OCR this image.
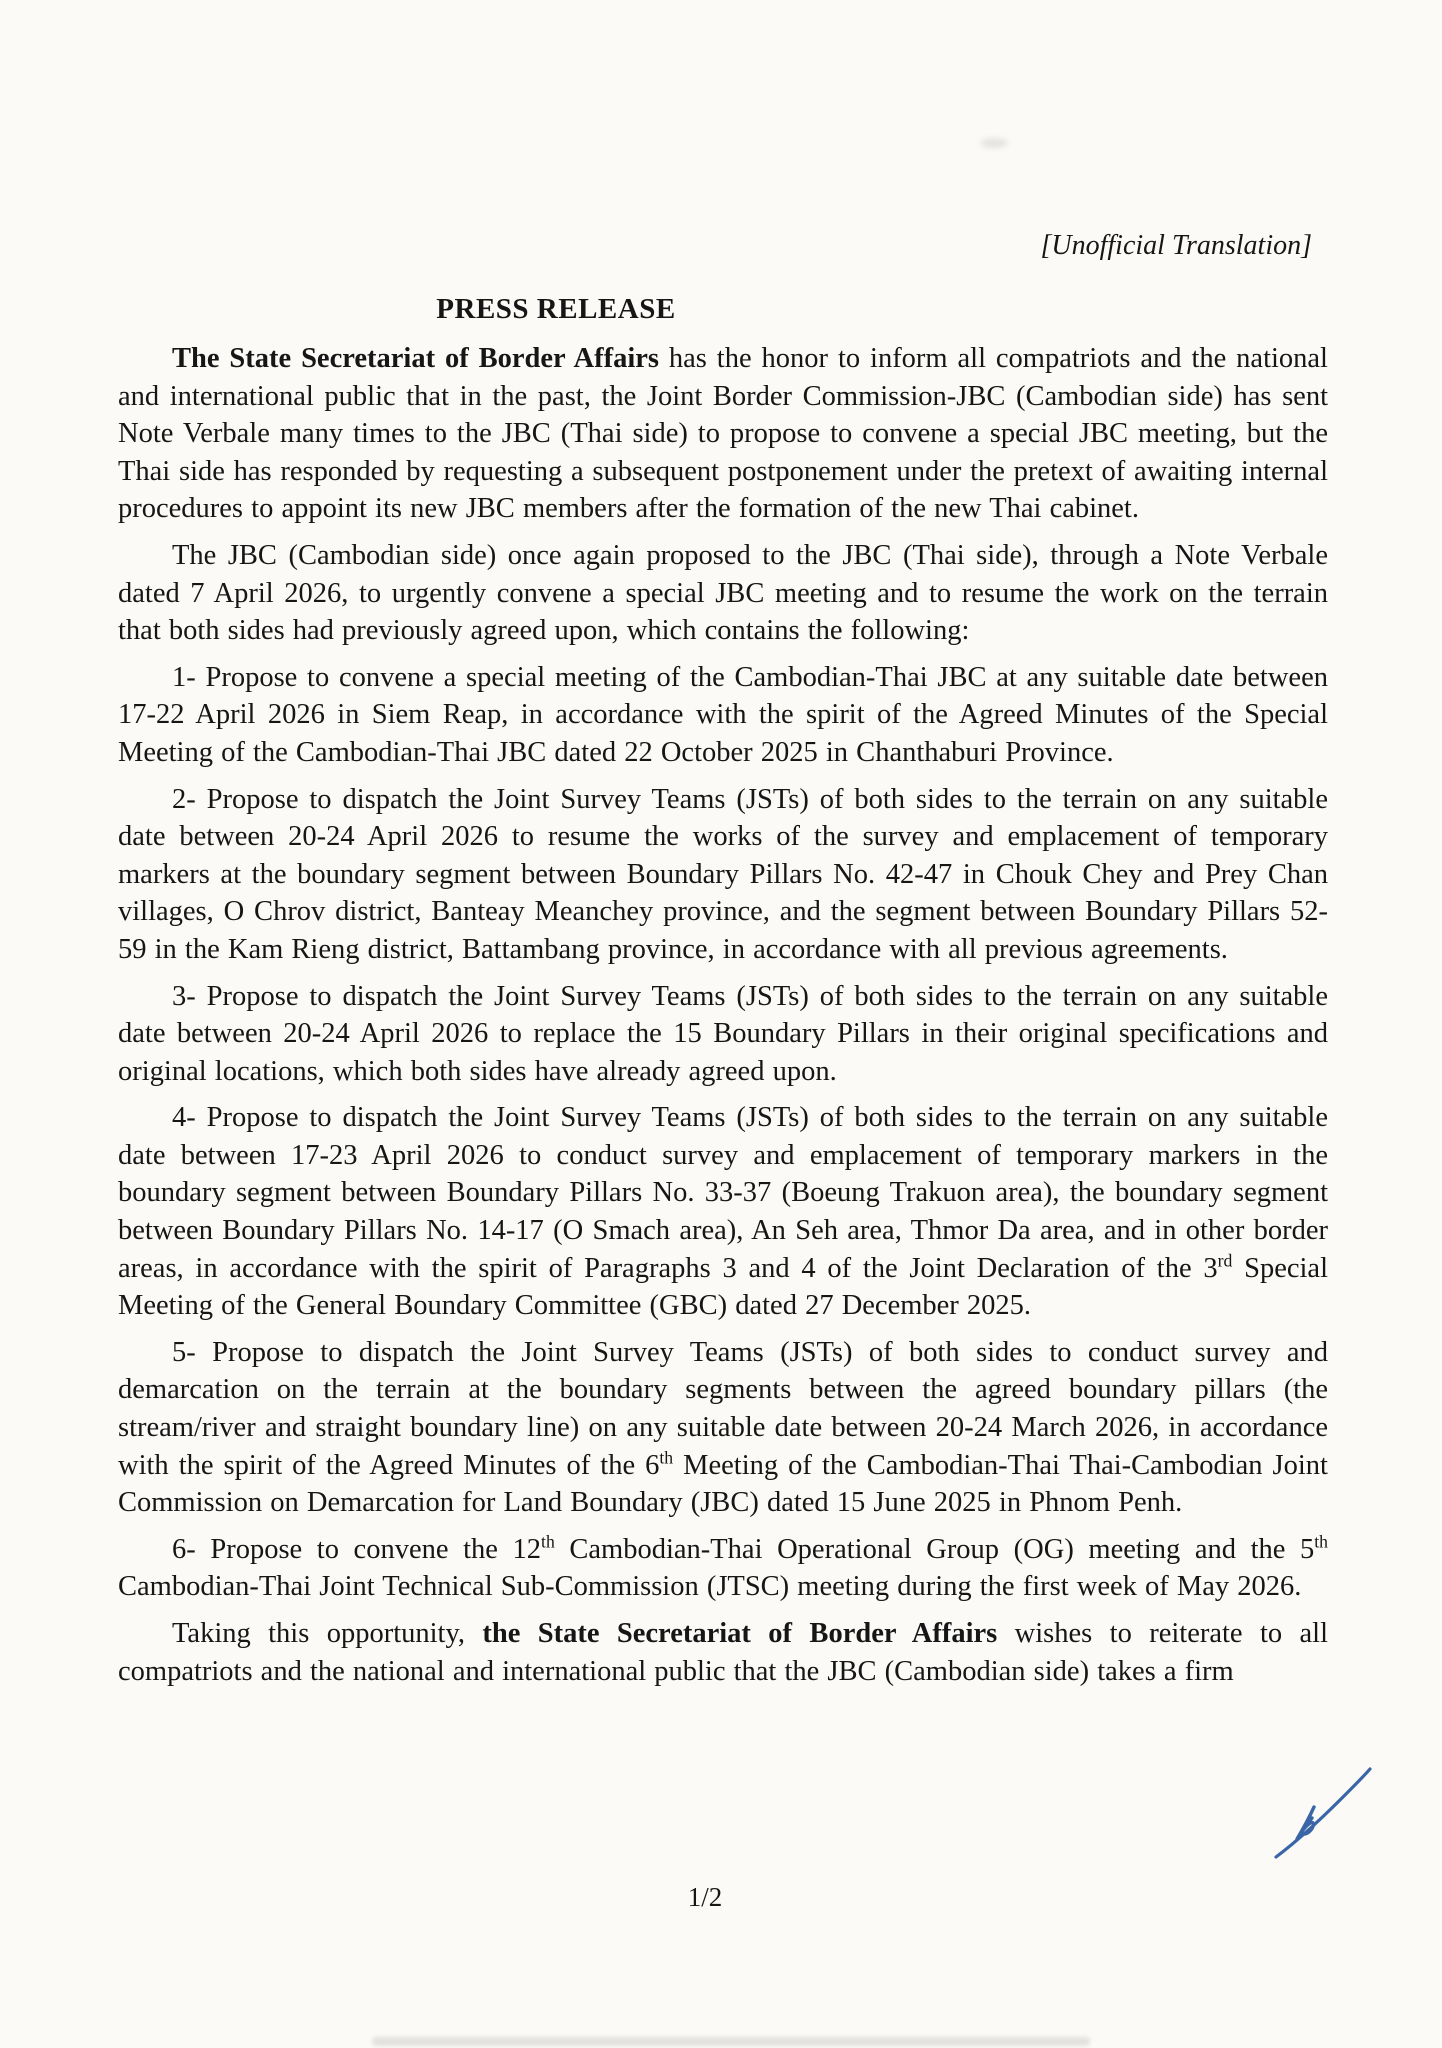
[Unofficial Translation]
PRESS RELEASE

The State Secretariat of Border Affairs has the honor to inform all compatriots and the national and international public that in the past, the Joint Border Commission-JBC (Cambodian side) has sent Note Verbale many times to the JBC (Thai side) to propose to convene a special JBC meeting, but the Thai side has responded by requesting a subsequent postponement under the pretext of awaiting internal procedures to appoint its new JBC members after the formation of the new Thai cabinet.

The JBC (Cambodian side) once again proposed to the JBC (Thai side), through a Note Verbale dated 7 April 2026, to urgently convene a special JBC meeting and to resume the work on the terrain that both sides had previously agreed upon, which contains the following:

1- Propose to convene a special meeting of the Cambodian-Thai JBC at any suitable date between 17-22 April 2026 in Siem Reap, in accordance with the spirit of the Agreed Minutes of the Special Meeting of the Cambodian-Thai JBC dated 22 October 2025 in Chanthaburi Province.

2- Propose to dispatch the Joint Survey Teams (JSTs) of both sides to the terrain on any suitable date between 20-24 April 2026 to resume the works of the survey and emplacement of temporary markers at the boundary segment between Boundary Pillars No. 42-47 in Chouk Chey and Prey Chan villages, O Chrov district, Banteay Meanchey province, and the segment between Boundary Pillars 52-59 in the Kam Rieng district, Battambang province, in accordance with all previous agreements.

3- Propose to dispatch the Joint Survey Teams (JSTs) of both sides to the terrain on any suitable date between 20-24 April 2026 to replace the 15 Boundary Pillars in their original specifications and original locations, which both sides have already agreed upon.

4- Propose to dispatch the Joint Survey Teams (JSTs) of both sides to the terrain on any suitable date between 17-23 April 2026 to conduct survey and emplacement of temporary markers in the boundary segment between Boundary Pillars No. 33-37 (Boeung Trakuon area), the boundary segment between Boundary Pillars No. 14-17 (O Smach area), An Seh area, Thmor Da area, and in other border areas, in accordance with the spirit of Paragraphs 3 and 4 of the Joint Declaration of the 3rd Special Meeting of the General Boundary Committee (GBC) dated 27 December 2025.

5- Propose to dispatch the Joint Survey Teams (JSTs) of both sides to conduct survey and demarcation on the terrain at the boundary segments between the agreed boundary pillars (the stream/river and straight boundary line) on any suitable date between 20-24 March 2026, in accordance with the spirit of the Agreed Minutes of the 6th Meeting of the Cambodian-Thai Thai-Cambodian Joint Commission on Demarcation for Land Boundary (JBC) dated 15 June 2025 in Phnom Penh.

6- Propose to convene the 12th Cambodian-Thai Operational Group (OG) meeting and the 5th Cambodian-Thai Joint Technical Sub-Commission (JTSC) meeting during the first week of May 2026.

Taking this opportunity, the State Secretariat of Border Affairs wishes to reiterate to all compatriots and the national and international public that the JBC (Cambodian side) takes a firm

1/2
